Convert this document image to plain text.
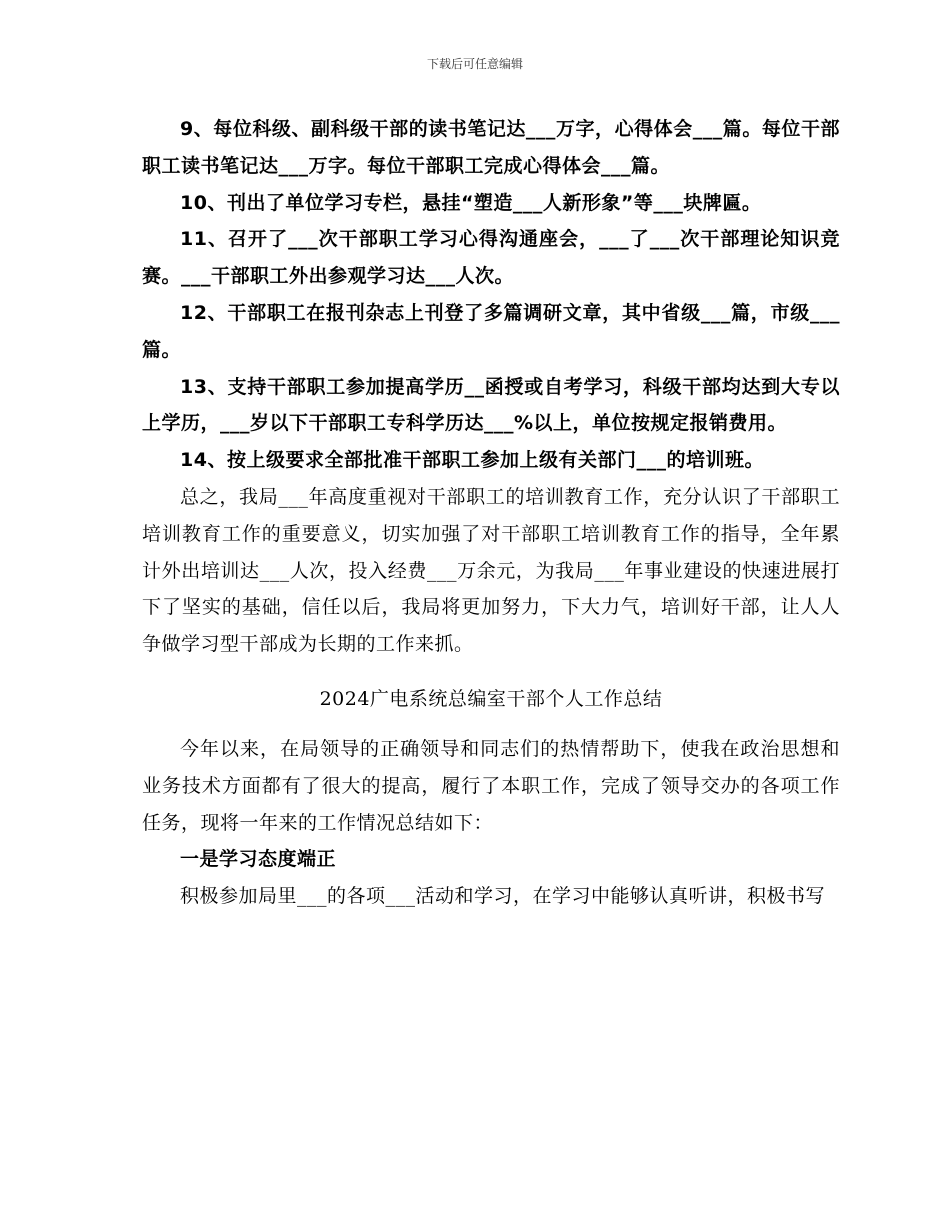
下载后可任意编辑

9、每位科级、副科级干部的读书笔记达___万字，心得体会___篇。每位干部职工读书笔记达___万字。每位干部职工完成心得体会___篇。

10、刊出了单位学习专栏，悬挂“塑造___人新形象”等___块牌匾。

11、召开了___次干部职工学习心得沟通座会，___了___次干部理论知识竞赛。___干部职工外出参观学习达___人次。

12、干部职工在报刊杂志上刊登了多篇调研文章，其中省级___篇，市级___篇。

13、支持干部职工参加提高学历__函授或自考学习，科级干部均达到大专以上学历，___岁以下干部职工专科学历达___%以上，单位按规定报销费用。

14、按上级要求全部批准干部职工参加上级有关部门___的培训班。

总之，我局___年高度重视对干部职工的培训教育工作，充分认识了干部职工培训教育工作的重要意义，切实加强了对干部职工培训教育工作的指导，全年累计外出培训达___人次，投入经费___万余元，为我局___年事业建设的快速进展打下了坚实的基础，信任以后，我局将更加努力，下大力气，培训好干部，让人人争做学习型干部成为长期的工作来抓。

2024广电系统总编室干部个人工作总结

今年以来，在局领导的正确领导和同志们的热情帮助下，使我在政治思想和业务技术方面都有了很大的提高，履行了本职工作，完成了领导交办的各项工作任务，现将一年来的工作情况总结如下：

一是学习态度端正

积极参加局里___的各项___活动和学习，在学习中能够认真听讲，积极书写
